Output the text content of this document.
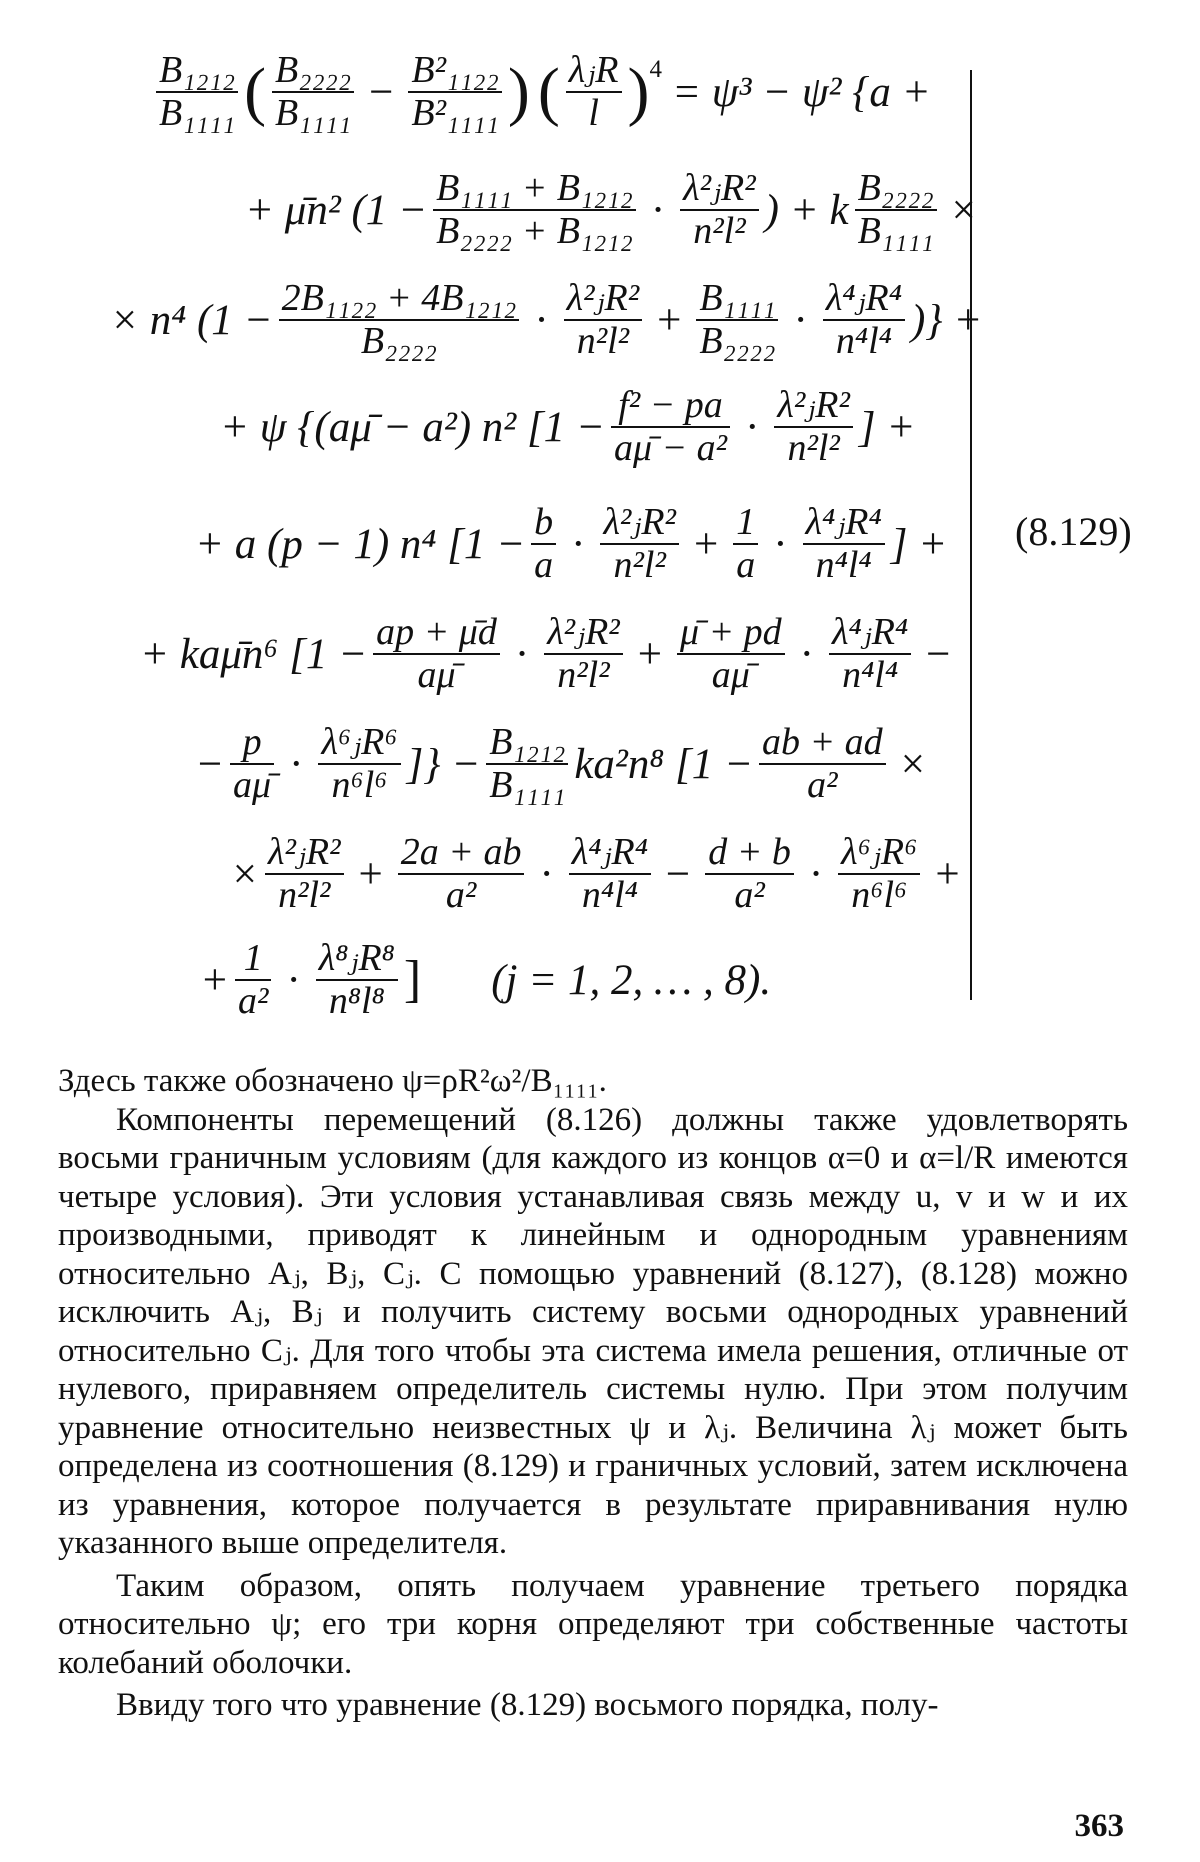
$\frac{\text{B₁₂₁₂}}{\text{B₁₁₁₁}}$ ( $\frac{\text{B₂₂₂₂}}{\text{B₁₁₁₁}} - \frac{\text{B²₁₁₂₂}}{\text{B²₁₁₁₁}}$ ) ( $\frac{\text{λⱼR}}{l} )^4 = \psi^3 - \psi^2$ {a +
+ μ̄n² ($1 - \frac{\text{B₁₁₁₁ + B₁₂₁₂}}{\text{B₂₂₂₂ + B₁₂₁₂}} \cdot \frac{\text{λ²ⱼR²}}{\text{n²l²}}$ ) + k $\frac{\text{B₂₂₂₂}}{\text{B₁₁₁₁}}$ ×
× n⁴ ($1 - \frac{\text{2B₁₁₂₂ + 4B₁₂₁₂}}{\text{B₂₂₂₂}} \cdot \frac{\text{λ²ⱼR²}}{\text{n²l²}} + \frac{\text{B₁₁₁₁}}{\text{B₂₂₂₂}} \cdot \frac{\text{λ⁴ⱼR⁴}}{\text{n⁴l⁴}}$ )} +
+ ψ {(aμ̄ − a²) n² [$1 - \frac{\text{f² − pa}}{\text{aμ̄ − a²}} \cdot \frac{\text{λ²ⱼR²}}{\text{n²l²}}$ ] +
+ a (p − 1) n⁴ [$1 - \frac{b}{a} \cdot \frac{\text{λ²ⱼR²}}{\text{n²l²}} + \frac{1}{a} \cdot \frac{\text{λ⁴ⱼR⁴}}{\text{n⁴l⁴}}$ ] +
+ kaμ̄n⁶ [$1 - \frac{ap + \mūd}{a\mū} \cdot \frac{\text{λ²ⱼR²}}{\text{n²l²}} + \frac{\mū + pd}{a\mū} \cdot \frac{\text{λ⁴ⱼR⁴}}{\text{n⁴l⁴}}$ −
− $\frac{p}{a\mū} \cdot \frac{\text{λ⁶ⱼR⁶}}{\text{n⁶l⁶}}$ ]} − $\frac{\text{B₁₂₁₂}}{\text{B₁₁₁₁}} ka^2n^8$ [$1 - \frac{ab + ad}{\text{a²}}$ ×
× $\frac{\text{λ²ⱼR²}}{\text{n²l²}} + \frac{2a + ab}{\text{a²}} \cdot \frac{\text{λ⁴ⱼR⁴}}{\text{n⁴l⁴}} - \frac{d + b}{\text{a²}} \cdot \frac{\text{λ⁶ⱼR⁶}}{\text{n⁶l⁶}}$ +
+ $\frac{1}{\text{a²}} \cdot \frac{\text{λ⁸ⱼR⁸}}{\text{n⁸l⁸}}$ ] (j = 1, 2, … , 8).
(8.129)

Здесь также обозначено ψ=ρR²ω²/B₁₁₁₁.

Компоненты перемещений (8.126) должны также удовлетворять восьми граничным условиям (для каждого из концов α=0 и α=l/R имеются четыре условия). Эти условия устанавливая связь между u, v и w и их производными, приводят к линейным и однородным уравнениям относительно Aⱼ, Bⱼ, Cⱼ. С помощью уравнений (8.127), (8.128) можно исключить Aⱼ, Bⱼ и получить систему восьми однородных уравнений относительно Cⱼ. Для того чтобы эта система имела решения, отличные от нулевого, приравняем определитель системы нулю. При этом получим уравнение относительно неизвестных ψ и λⱼ. Величина λⱼ может быть определена из соотношения (8.129) и граничных условий, затем исключена из уравнения, которое получается в результате приравнивания нулю указанного выше определителя.

Таким образом, опять получаем уравнение третьего порядка относительно ψ; его три корня определяют три собственные частоты колебаний оболочки.

Ввиду того что уравнение (8.129) восьмого порядка, полу-

363
